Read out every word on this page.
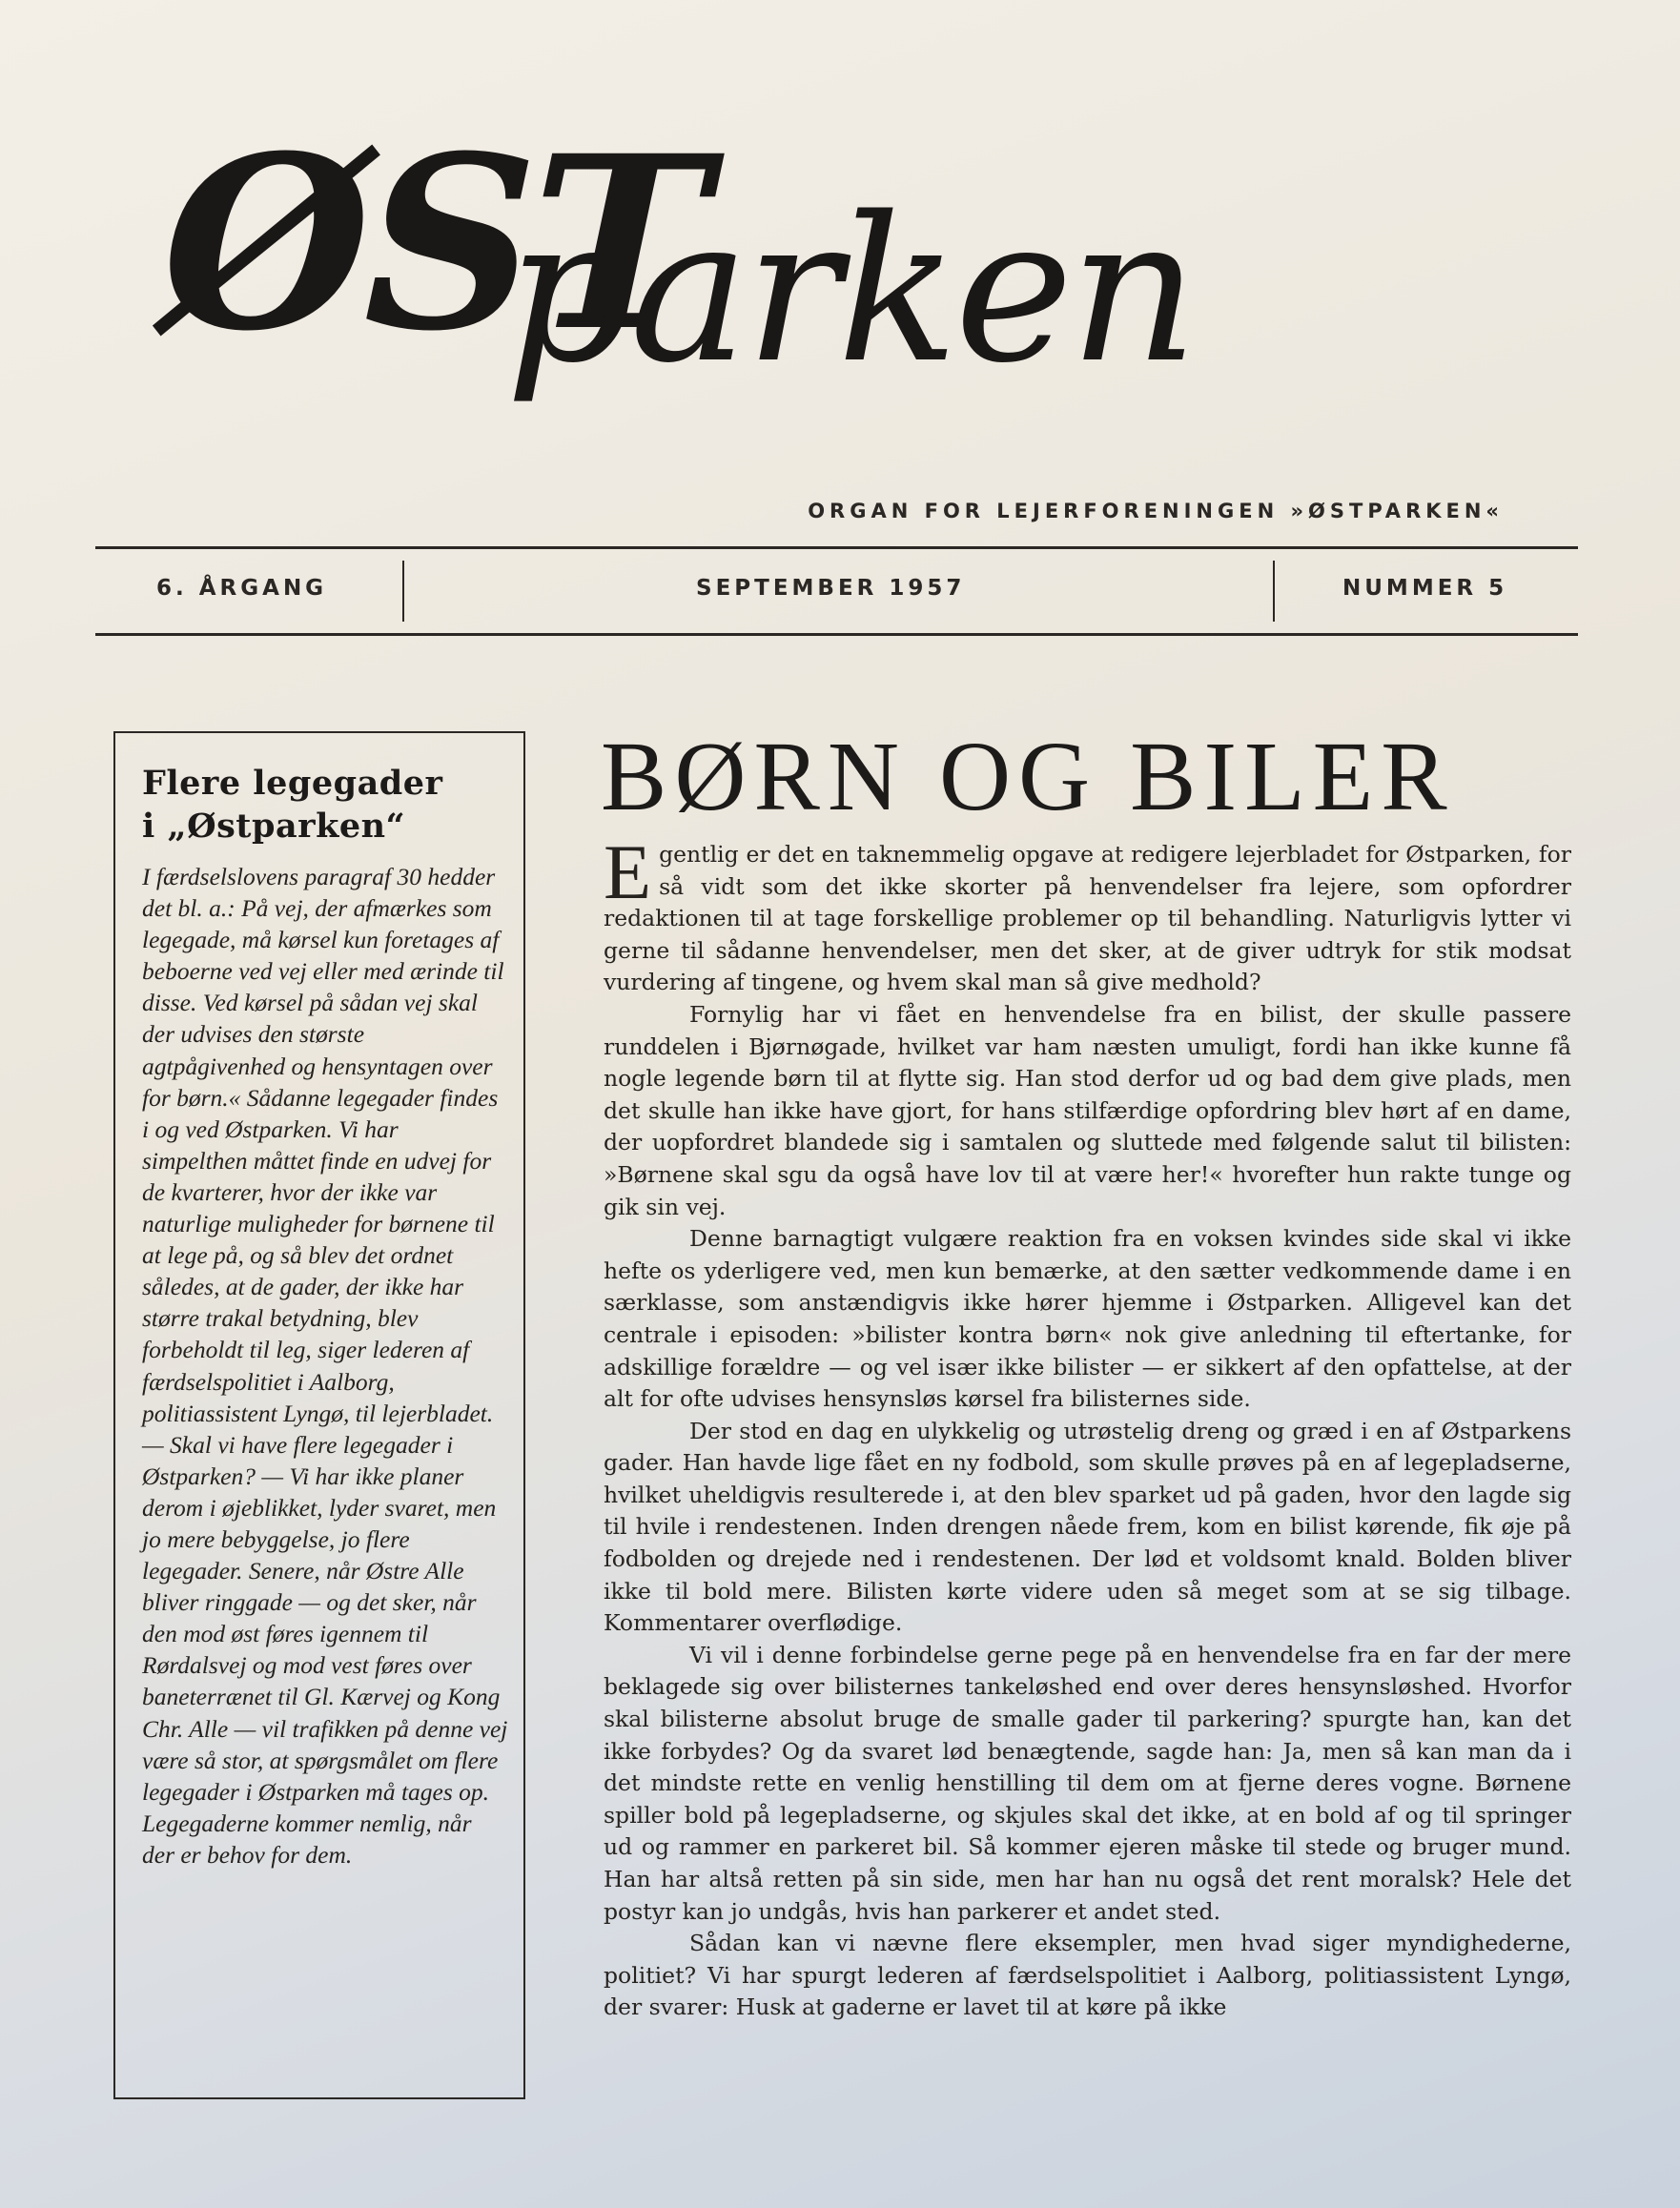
ØST
parken
ORGAN FOR LEJERFORENINGEN »ØSTPARKEN«
6. ÅRGANG	SEPTEMBER 1957	NUMMER 5
Flere legegader
i „Østparken“
I færdselslovens paragraf 30 hedder det bl. a.: På vej, der afmærkes som legegade, må kørsel kun foretages af beboerne ved vej eller med ærinde til disse. Ved kørsel på sådan vej skal der udvises den største agtpågivenhed og hensyntagen over for børn.« Sådanne legegader findes i og ved Østparken. Vi har simpelthen måttet finde en udvej for de kvarterer, hvor der ikke var naturlige muligheder for børnene til at lege på, og så blev det ordnet således, at de gader, der ikke har større trakal betydning, blev forbeholdt til leg, siger lederen af færdselspolitiet i Aalborg, politiassistent Lyngø, til lejerbladet. — Skal vi have flere legegader i Østparken? — Vi har ikke planer derom i øjeblikket, lyder svaret, men jo mere bebyggelse, jo flere legegader. Senere, når Østre Alle bliver ringgade — og det sker, når den mod øst føres igennem til Rørdalsvej og mod vest føres over baneterrænet til Gl. Kærvej og Kong Chr. Alle — vil trafikken på denne vej være så stor, at spørgsmålet om flere legegader i Østparken må tages op. Legegaderne kommer nemlig, når der er behov for dem.
BØRN OG BILER

Egentlig er det en taknemmelig opgave at redigere lejerbladet for Østparken, for så vidt som det ikke skorter på henvendelser fra lejere, som opfordrer redaktionen til at tage forskellige problemer op til behandling. Naturligvis lytter vi gerne til sådanne henvendelser, men det sker, at de giver udtryk for stik modsat vurdering af tingene, og hvem skal man så give medhold?

Fornylig har vi fået en henvendelse fra en bilist, der skulle passere runddelen i Bjørnøgade, hvilket var ham næsten umuligt, fordi han ikke kunne få nogle legende børn til at flytte sig. Han stod derfor ud og bad dem give plads, men det skulle han ikke have gjort, for hans stilfærdige opfordring blev hørt af en dame, der uopfordret blandede sig i samtalen og sluttede med følgende salut til bilisten: »Børnene skal sgu da også have lov til at være her!« hvorefter hun rakte tunge og gik sin vej.

Denne barnagtigt vulgære reaktion fra en voksen kvindes side skal vi ikke hefte os yderligere ved, men kun bemærke, at den sætter vedkommende dame i en særklasse, som anstændigvis ikke hører hjemme i Østparken. Alligevel kan det centrale i episoden: »bilister kontra børn« nok give anledning til eftertanke, for adskillige forældre — og vel især ikke bilister — er sikkert af den opfattelse, at der alt for ofte udvises hensynsløs kørsel fra bilisternes side.

Der stod en dag en ulykkelig og utrøstelig dreng og græd i en af Østparkens gader. Han havde lige fået en ny fodbold, som skulle prøves på en af legepladserne, hvilket uheldigvis resulterede i, at den blev sparket ud på gaden, hvor den lagde sig til hvile i rendestenen. Inden drengen nåede frem, kom en bilist kørende, fik øje på fodbolden og drejede ned i rendestenen. Der lød et voldsomt knald. Bolden bliver ikke til bold mere. Bilisten kørte videre uden så meget som at se sig tilbage. Kommentarer overflødige.

Vi vil i denne forbindelse gerne pege på en henvendelse fra en far der mere beklagede sig over bilisternes tankeløshed end over deres hensynsløshed. Hvorfor skal bilisterne absolut bruge de smalle gader til parkering? spurgte han, kan det ikke forbydes? Og da svaret lød benægtende, sagde han: Ja, men så kan man da i det mindste rette en venlig henstilling til dem om at fjerne deres vogne. Børnene spiller bold på legepladserne, og skjules skal det ikke, at en bold af og til springer ud og rammer en parkeret bil. Så kommer ejeren måske til stede og bruger mund. Han har altså retten på sin side, men har han nu også det rent moralsk? Hele det postyr kan jo undgås, hvis han parkerer et andet sted.

Sådan kan vi nævne flere eksempler, men hvad siger myndighederne, politiet? Vi har spurgt lederen af færdselspolitiet i Aalborg, politiassistent Lyngø, der svarer: Husk at gaderne er lavet til at køre på ikke
